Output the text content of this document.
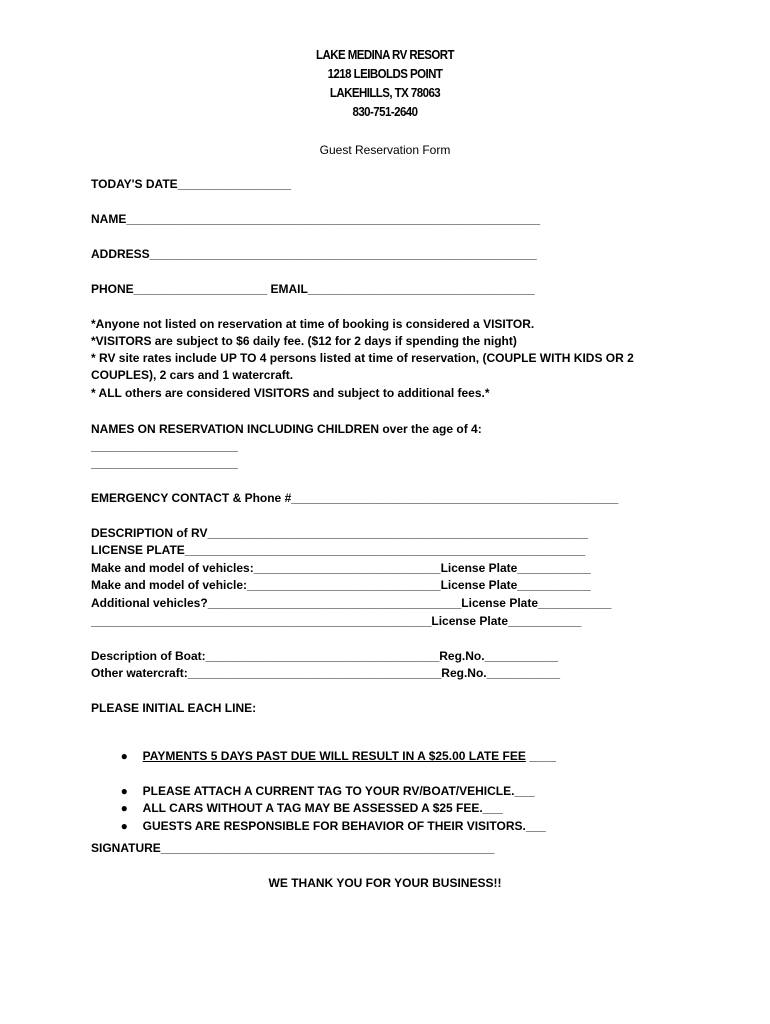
LAKE MEDINA RV RESORT
1218 LEIBOLDS POINT
LAKEHILLS, TX 78063
830-751-2640
Guest Reservation Form
TODAY'S DATE_________________
NAME______________________________________________________________
ADDRESS__________________________________________________________
PHONE____________________ EMAIL__________________________________
*Anyone not listed on reservation at time of booking is considered a VISITOR.
*VISITORS are subject to $6 daily fee. ($12 for 2 days if spending the night)
* RV site rates include UP TO 4 persons listed at time of reservation, (COUPLE WITH KIDS OR 2
COUPLES), 2 cars and 1 watercraft.
* ALL others are considered VISITORS and subject to additional fees.*
NAMES ON RESERVATION INCLUDING CHILDREN over the age of 4:
______________________
______________________
EMERGENCY CONTACT & Phone #_________________________________________________
DESCRIPTION of RV_________________________________________________________
LICENSE PLATE____________________________________________________________
Make and model of vehicles:____________________________License Plate___________
Make and model of vehicle:_____________________________License Plate___________
Additional vehicles?______________________________________License Plate___________
___________________________________________________License Plate___________
Description of Boat:___________________________________Reg.No.___________
Other watercraft:______________________________________Reg.No.___________
PLEASE INITIAL EACH LINE:

● PAYMENTS 5 DAYS PAST DUE WILL RESULT IN A $25.00 LATE FEE ____

● PLEASE ATTACH A CURRENT TAG TO YOUR RV/BOAT/VEHICLE.___

● ALL CARS WITHOUT A TAG MAY BE ASSESSED A $25 FEE.___

● GUESTS ARE RESPONSIBLE FOR BEHAVIOR OF THEIR VISITORS.___

SIGNATURE__________________________________________________
WE THANK YOU FOR YOUR BUSINESS!!
